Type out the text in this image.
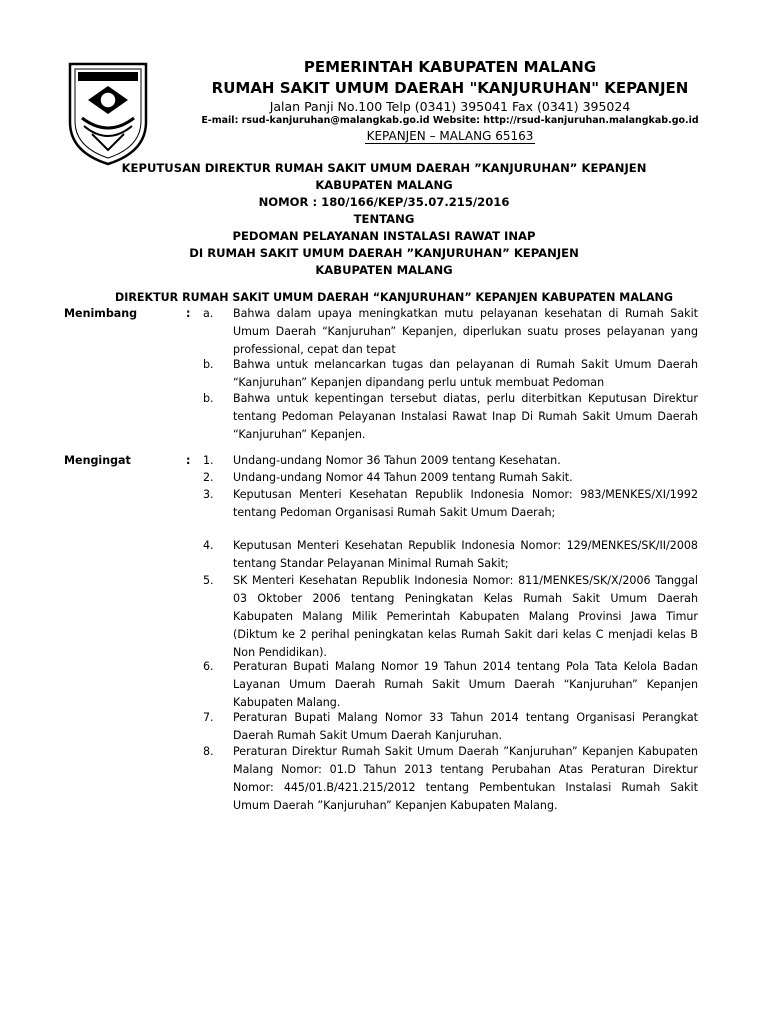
PEMERINTAH KABUPATEN MALANG
RUMAH SAKIT UMUM DAERAH "KANJURUHAN" KEPANJEN
Jalan Panji No.100 Telp (0341) 395041 Fax (0341) 395024
E-mail: rsud-kanjuruhan@malangkab.go.id Website: http://rsud-kanjuruhan.malangkab.go.id
KEPANJEN – MALANG 65163
KEPUTUSAN DIREKTUR RUMAH SAKIT UMUM DAERAH ”KANJURUHAN” KEPANJEN
KABUPATEN MALANG
NOMOR : 180/166/KEP/35.07.215/2016
TENTANG
PEDOMAN PELAYANAN INSTALASI RAWAT INAP
DI RUMAH SAKIT UMUM DAERAH ”KANJURUHAN” KEPANJEN
KABUPATEN MALANG
DIREKTUR RUMAH SAKIT UMUM DAERAH “KANJURUHAN” KEPANJEN KABUPATEN MALANG
Menimbang	: a. Bahwa dalam upaya meningkatkan mutu pelayanan kesehatan di Rumah Sakit Umum Daerah “Kanjuruhan” Kepanjen, diperlukan suatu proses pelayanan yang professional, cepat dan tepat
b. Bahwa untuk melancarkan tugas dan pelayanan di Rumah Sakit Umum Daerah “Kanjuruhan” Kepanjen dipandang perlu untuk membuat Pedoman
b. Bahwa untuk kepentingan tersebut diatas, perlu diterbitkan Keputusan Direktur tentang Pedoman Pelayanan Instalasi Rawat Inap Di Rumah Sakit Umum Daerah “Kanjuruhan” Kepanjen.
Mengingat	: 1. Undang-undang Nomor 36 Tahun 2009 tentang Kesehatan.
2. Undang-undang Nomor 44 Tahun 2009 tentang Rumah Sakit.
3. Keputusan Menteri Kesehatan Republik Indonesia Nomor: 983/MENKES/XI/1992 tentang Pedoman Organisasi Rumah Sakit Umum Daerah;
4. Keputusan Menteri Kesehatan Republik Indonesia Nomor: 129/MENKES/SK/II/2008 tentang Standar Pelayanan Minimal Rumah Sakit;
5. SK Menteri Kesehatan Republik Indonesia Nomor: 811/MENKES/SK/X/2006 Tanggal 03 Oktober 2006 tentang Peningkatan Kelas Rumah Sakit Umum Daerah Kabupaten Malang Milik Pemerintah Kabupaten Malang Provinsi Jawa Timur (Diktum ke 2 perihal peningkatan kelas Rumah Sakit dari kelas C menjadi kelas B Non Pendidikan).
6. Peraturan Bupati Malang Nomor 19 Tahun 2014 tentang Pola Tata Kelola Badan Layanan Umum Daerah Rumah Sakit Umum Daerah “Kanjuruhan” Kepanjen Kabupaten Malang.
7. Peraturan Bupati Malang Nomor 33 Tahun 2014 tentang Organisasi Perangkat Daerah Rumah Sakit Umum Daerah Kanjuruhan.
8. Peraturan Direktur Rumah Sakit Umum Daerah ”Kanjuruhan” Kepanjen Kabupaten Malang Nomor: 01.D Tahun 2013 tentang Perubahan Atas Peraturan Direktur Nomor: 445/01.B/421.215/2012 tentang Pembentukan Instalasi Rumah Sakit Umum Daerah ”Kanjuruhan” Kepanjen Kabupaten Malang.
